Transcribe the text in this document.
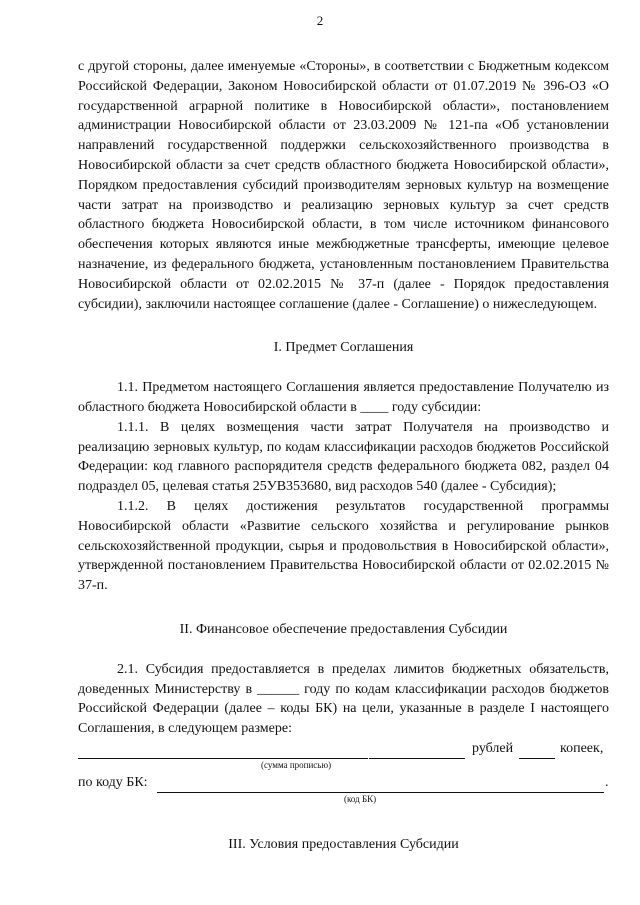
2

с другой стороны, далее именуемые «Стороны», в соответствии с Бюджетным кодексом Российской Федерации, Законом Новосибирской области от 01.07.2019 № 396-ОЗ «О государственной аграрной политике в Новосибирской области», постановлением администрации Новосибирской области от 23.03.2009 № 121-па «Об установлении направлений государственной поддержки сельскохозяйственного производства в Новосибирской области за счет средств областного бюджета Новосибирской области», Порядком предоставления субсидий производителям зерновых культур на возмещение части затрат на производство и реализацию зерновых культур за счет средств областного бюджета Новосибирской области, в том числе источником финансового обеспечения которых являются иные межбюджетные трансферты, имеющие целевое назначение, из федерального бюджета, установленным постановлением Правительства Новосибирской области от 02.02.2015 № 37-п (далее - Порядок предоставления субсидии), заключили настоящее соглашение (далее - Соглашение) о нижеследующем.

I. Предмет Соглашения

1.1. Предметом настоящего Соглашения является предоставление Получателю из областного бюджета Новосибирской области в ____ году субсидии:

1.1.1. В целях возмещения части затрат Получателя на производство и реализацию зерновых культур, по кодам классификации расходов бюджетов Российской Федерации: код главного распорядителя средств федерального бюджета 082, раздел 04 подраздел 05, целевая статья 25УВ353680, вид расходов 540 (далее - Субсидия);

1.1.2. В целях достижения результатов государственной программы Новосибирской области «Развитие сельского хозяйства и регулирование рынков сельскохозяйственной продукции, сырья и продовольствия в Новосибирской области», утвержденной постановлением Правительства Новосибирской области от 02.02.2015 № 37-п.

II. Финансовое обеспечение предоставления Субсидии

2.1. Субсидия предоставляется в пределах лимитов бюджетных обязательств, доведенных Министерству в ______ году по кодам классификации расходов бюджетов Российской Федерации (далее – коды БК) на цели, указанные в разделе I настоящего Соглашения, в следующем размере:

рублей	копеек,
(сумма прописью)
по коду БК:	.
(код БК)

III. Условия предоставления Субсидии
